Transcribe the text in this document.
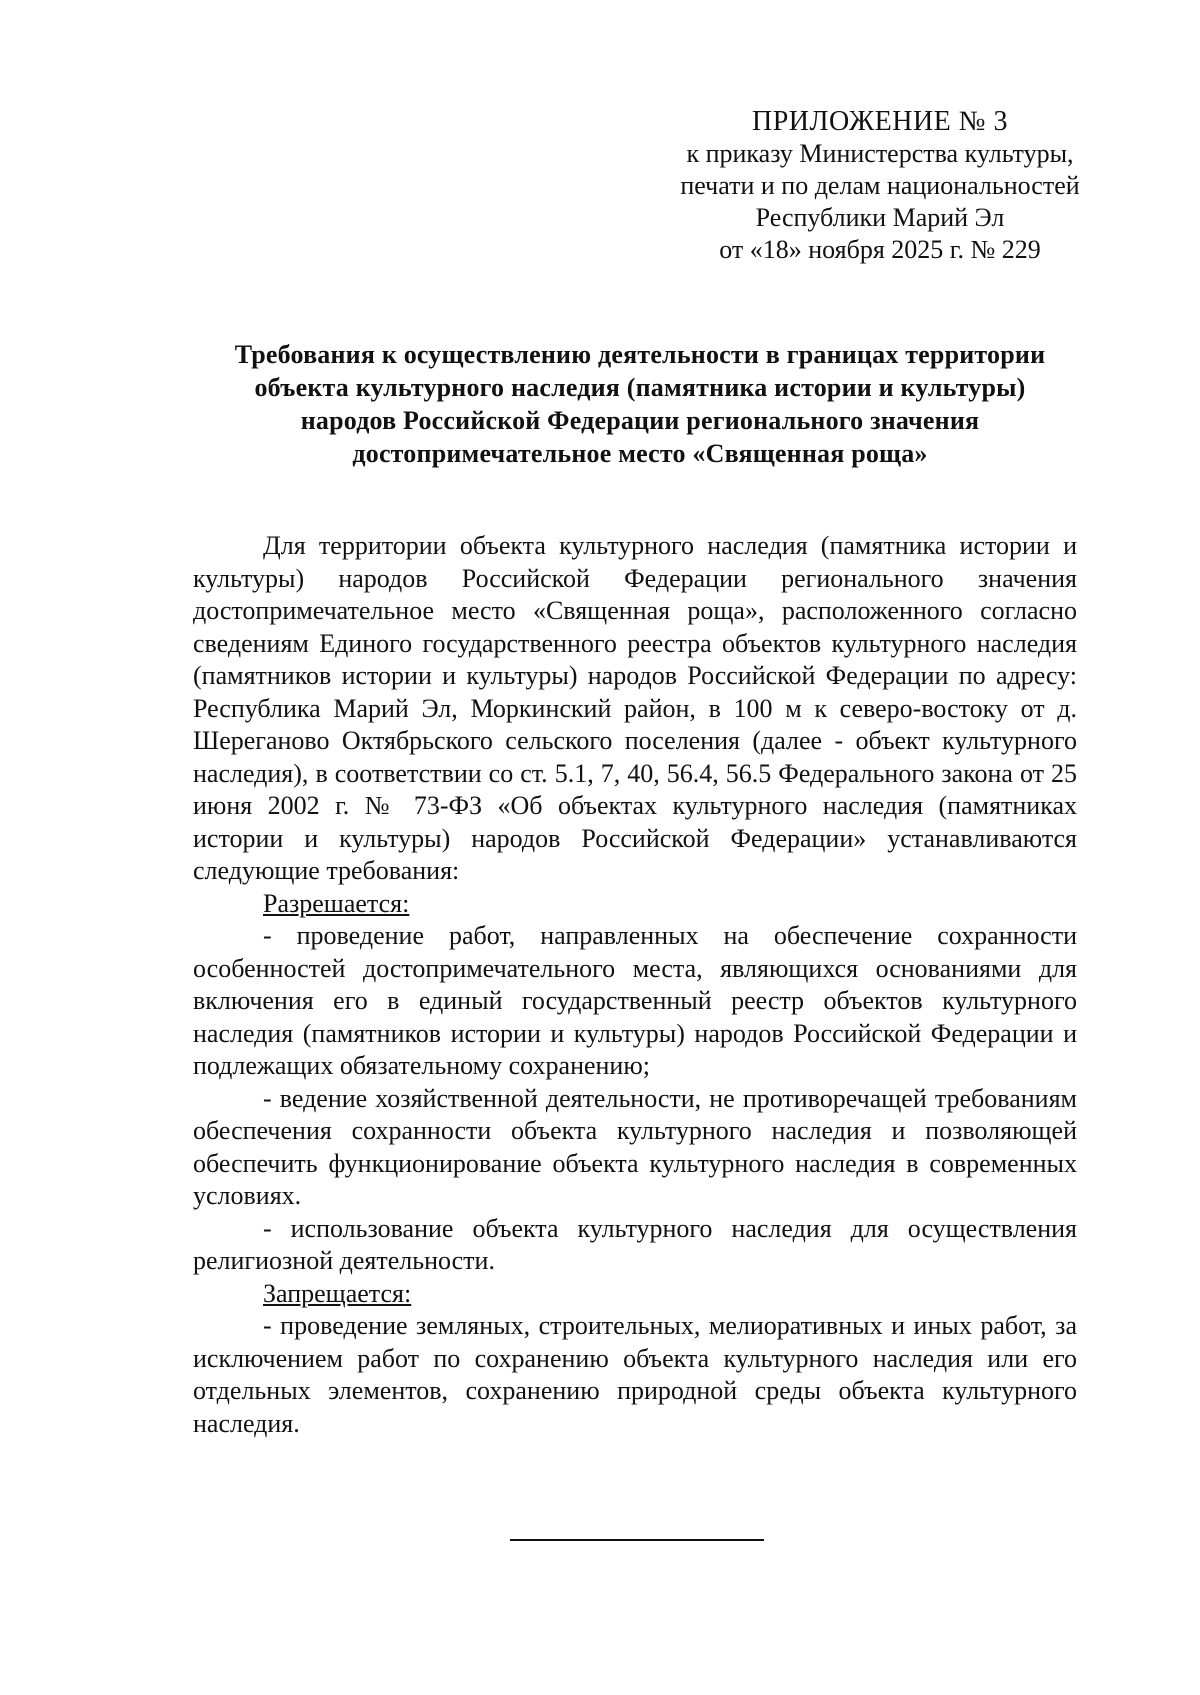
ПРИЛОЖЕНИЕ № 3
к приказу Министерства культуры,
печати и по делам национальностей
Республики Марий Эл
от «18» ноября 2025 г. № 229
Требования к осуществлению деятельности в границах территории
объекта культурного наследия (памятника истории и культуры)
народов Российской Федерации регионального значения
достопримечательное место «Священная роща»

Для территории объекта культурного наследия (памятника истории и культуры) народов Российской Федерации регионального значения достопримечательное место «Священная роща», расположенного согласно сведениям Единого государственного реестра объектов культурного наследия (памятников истории и культуры) народов Российской Федерации по адресу: Республика Марий Эл, Моркинский район, в 100 м к северо-востоку от д. Шереганово Октябрьского сельского поселения (далее - объект культурного наследия), в соответствии со ст. 5.1, 7, 40, 56.4, 56.5 Федерального закона от 25 июня 2002 г. № 73-ФЗ «Об объектах культурного наследия (памятниках истории и культуры) народов Российской Федерации» устанавливаются следующие требования:

Разрешается:

- проведение работ, направленных на обеспечение сохранности особенностей достопримечательного места, являющихся основаниями для включения его в единый государственный реестр объектов культурного наследия (памятников истории и культуры) народов Российской Федерации и подлежащих обязательному сохранению;

- ведение хозяйственной деятельности, не противоречащей требованиям обеспечения сохранности объекта культурного наследия и позволяющей обеспечить функционирование объекта культурного наследия в современных условиях.

- использование объекта культурного наследия для осуществления религиозной деятельности.

Запрещается:

- проведение земляных, строительных, мелиоративных и иных работ, за исключением работ по сохранению объекта культурного наследия или его отдельных элементов, сохранению природной среды объекта культурного наследия.
